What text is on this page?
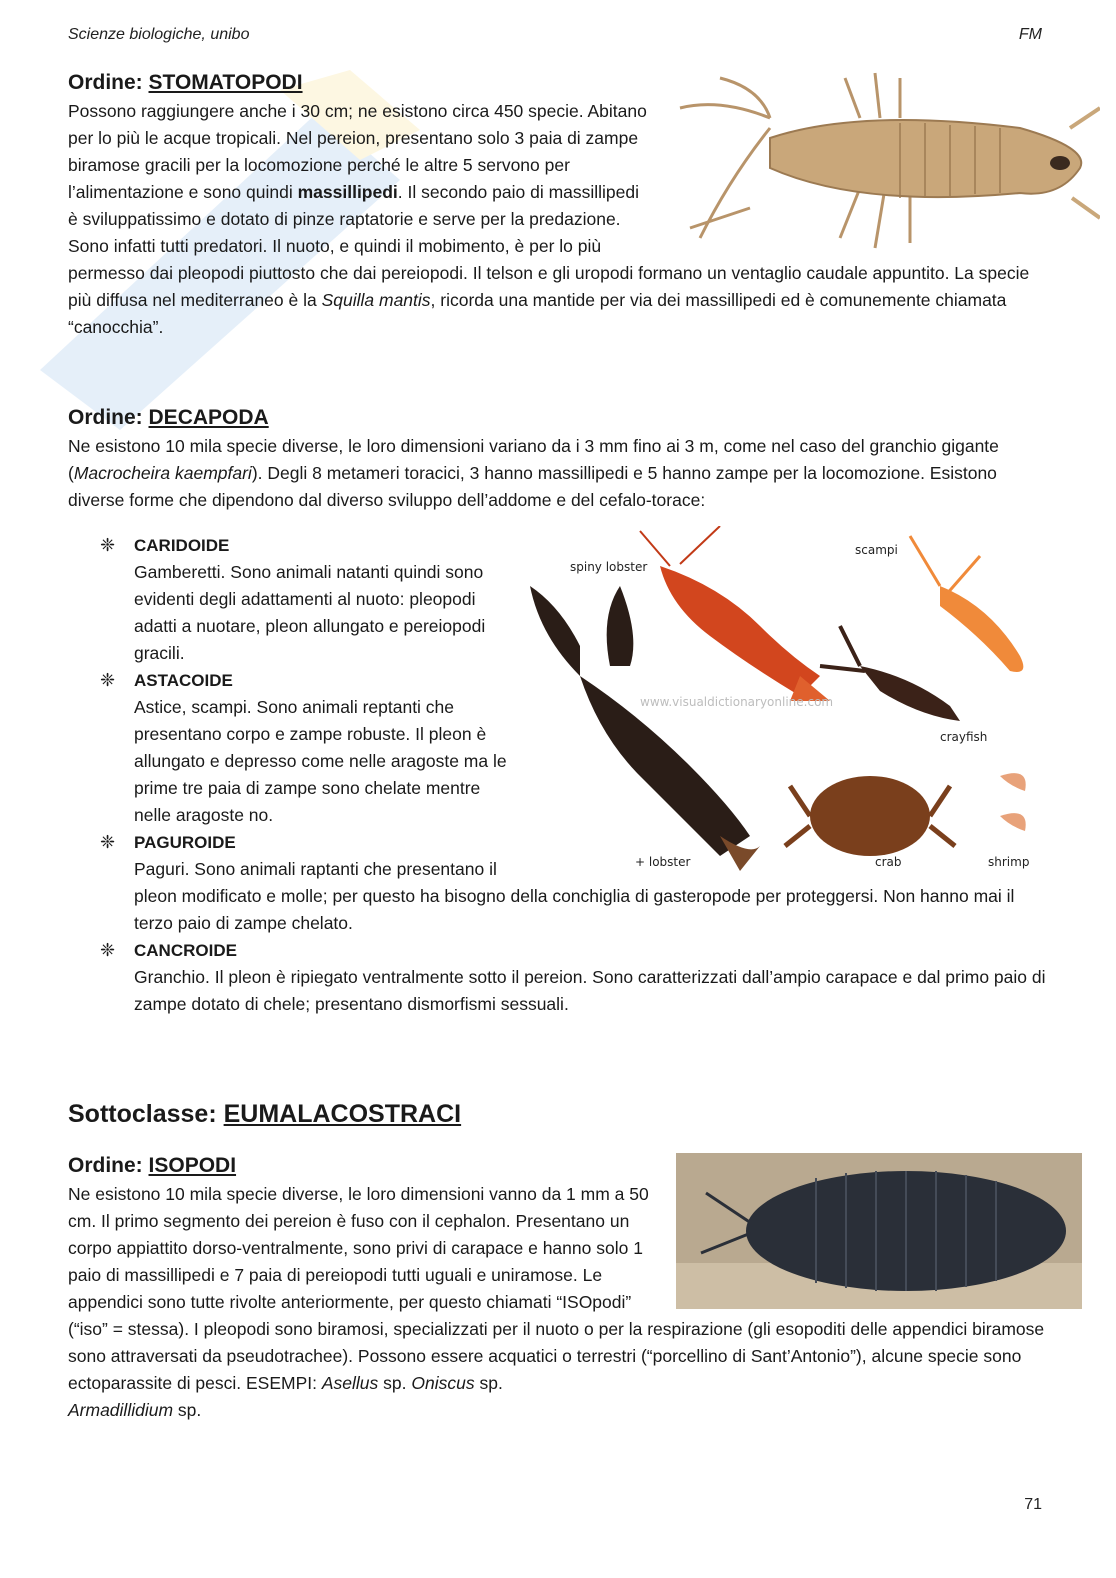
Scienze biologiche, unibo	FM

Ordine: STOMATOPODI

Possono raggiungere anche i 30 cm; ne esistono circa 450 specie. Abitano per lo più le acque tropicali. Nel pereion, presentano solo 3 paia di zampe biramose gracili per la locomozione perché le altre 5 servono per l’alimentazione e sono quindi massillipedi. Il secondo paio di massillipedi è sviluppatissimo e dotato di pinze raptatorie e serve per la predazione. Sono infatti tutti predatori. Il nuoto, e quindi il mobimento, è per lo più permesso dai pleopodi piuttosto che dai pereiopodi. Il telson e gli uropodi formano un ventaglio caudale appuntito. La specie più diffusa nel mediterraneo è la Squilla mantis, ricorda una mantide per via dei massillipedi ed è comunemente chiamata “canocchia”.

Ordine: DECAPODA

Ne esistono 10 mila specie diverse, le loro dimensioni variano da i 3 mm fino ai 3 m, come nel caso del granchio gigante (Macrocheira kaempfari). Degli 8 metameri toracici, 3 hanno massillipedi e 5 hanno zampe per la locomozione. Esistono diverse forme che dipendono dal diverso sviluppo dell’addome e del cefalo-torace:

spiny lobster
scampi
crayfish
+ lobster	crab	shrimp
www.visualdictionaryonline.com
❈ CARIDOIDE
Gamberetti. Sono animali natanti quindi sono evidenti degli adattamenti al nuoto: pleopodi adatti a nuotare, pleon allungato e pereiopodi gracili.
❈ ASTACOIDE
Astice, scampi. Sono animali reptanti che presentano corpo e zampe robuste. Il pleon è allungato e depresso come nelle aragoste ma le prime tre paia di zampe sono chelate mentre nelle aragoste no.
❈ PAGUROIDE
Paguri. Sono animali raptanti che presentano il pleon modificato e molle; per questo ha bisogno della conchiglia di gasteropode per proteggersi. Non hanno mai il terzo paio di zampe chelato.
❈ CANCROIDE
Granchio. Il pleon è ripiegato ventralmente sotto il pereion. Sono caratterizzati dall’ampio carapace e dal primo paio di zampe dotato di chele; presentano dismorfismi sessuali.

Sottoclasse: EUMALACOSTRACI

Ordine: ISOPODI

Ne esistono 10 mila specie diverse, le loro dimensioni vanno da 1 mm a 50 cm. Il primo segmento dei pereion è fuso con il cephalon. Presentano un corpo appiattito dorso-ventralmente, sono privi di carapace e hanno solo 1 paio di massillipedi e 7 paia di pereiopodi tutti uguali e uniramose. Le appendici sono tutte rivolte anteriormente, per questo chiamati “ISOpodi” (“iso” = stessa). I pleopodi sono biramosi, specializzati per il nuoto o per la respirazione (gli esopoditi delle appendici biramose sono attraversati da pseudotrachee). Possono essere acquatici o terrestri (“porcellino di Sant’Antonio”), alcune specie sono ectoparassite di pesci. ESEMPI: Asellus sp. Oniscus sp.
Armadillidium sp.

71
